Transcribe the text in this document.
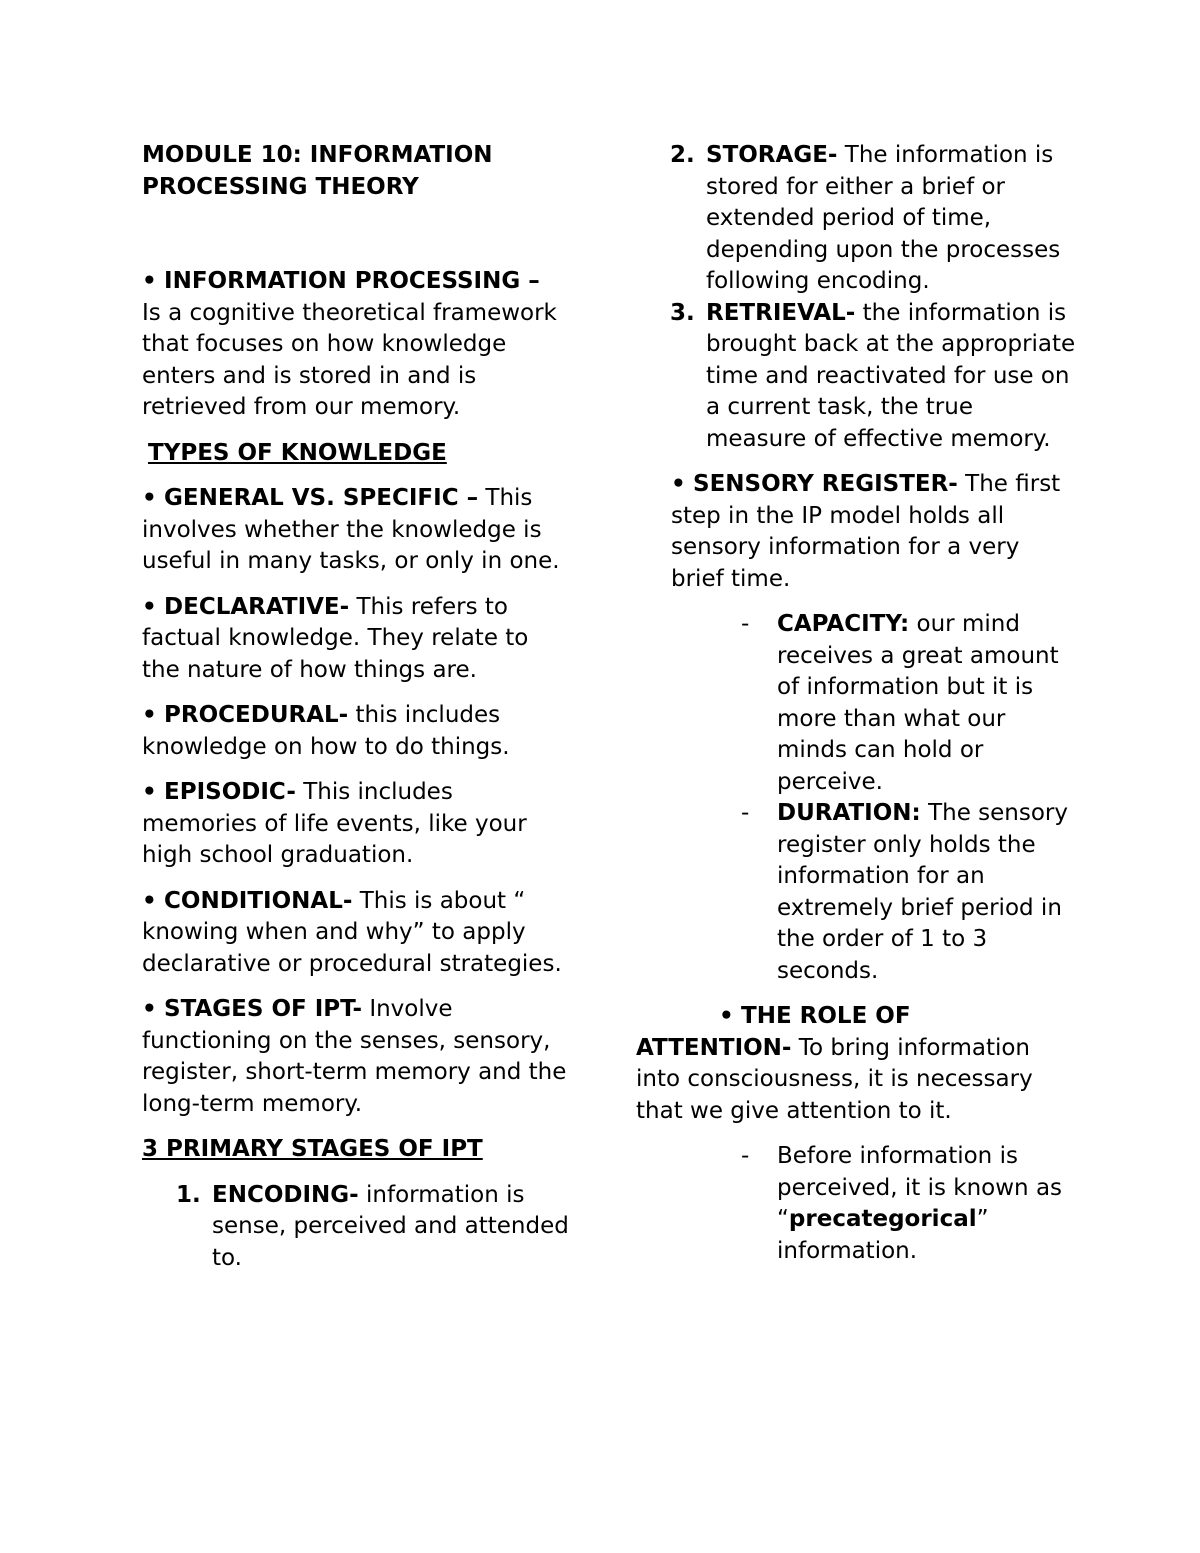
MODULE 10: INFORMATION
PROCESSING THEORY

• INFORMATION PROCESSING –
Is a cognitive theoretical framework that focuses on how knowledge enters and is stored in and is retrieved from our memory.

TYPES OF KNOWLEDGE

• GENERAL VS. SPECIFIC – This involves whether the knowledge is useful in many tasks, or only in one.

• DECLARATIVE- This refers to factual knowledge. They relate to the nature of how things are.

• PROCEDURAL- this includes knowledge on how to do things.

• EPISODIC- This includes memories of life events, like your high school graduation.

• CONDITIONAL- This is about “ knowing when and why” to apply declarative or procedural strategies.

• STAGES OF IPT- Involve functioning on the senses, sensory, register, short-term memory and the long-term memory.

3 PRIMARY STAGES OF IPT

1. ENCODING- information is sense, perceived and attended to.

2. STORAGE- The information is stored for either a brief or extended period of time, depending upon the processes following encoding.

3. RETRIEVAL- the information is brought back at the appropriate time and reactivated for use on a current task, the true measure of effective memory.

• SENSORY REGISTER- The first step in the IP model holds all sensory information for a very brief time.

- CAPACITY: our mind receives a great amount of information but it is more than what our minds can hold or perceive.

- DURATION: The sensory register only holds the information for an extremely brief period in the order of 1 to 3 seconds.

• THE ROLE OF
ATTENTION- To bring information into consciousness, it is necessary that we give attention to it.

- Before information is perceived, it is known as “precategorical” information.
